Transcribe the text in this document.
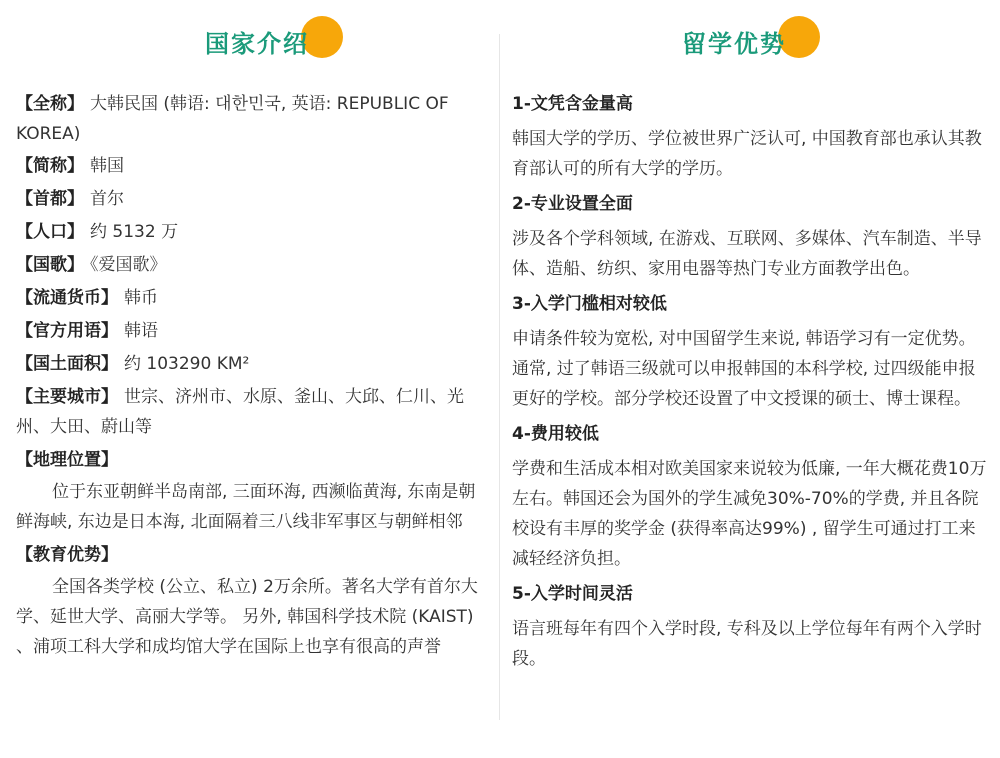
国家介绍	留学优势
【全称】 大韩民国 (韩语: 대한민국, 英语: REPUBLIC OF KOREA)
【简称】 韩国
【首都】 首尔
【人口】 约 5132 万
【国歌】 《爱国歌》
【流通货币】 韩币
【官方用语】 韩语
【国土面积】 约 103290 KM²
【主要城市】 世宗、济州市、水原、釜山、大邱、仁川、光州、大田、蔚山等
【地理位置】
位于东亚朝鲜半岛南部, 三面环海, 西濒临黄海, 东南是朝鲜海峡, 东边是日本海, 北面隔着三八线非军事区与朝鲜相邻
【教育优势】
全国各类学校 (公立、私立) 2万余所。著名大学有首尔大学、延世大学、高丽大学等。 另外, 韩国科学技术院 (KAIST) 、浦项工科大学和成均馆大学在国际上也享有很高的声誉
1-文凭含金量高
韩国大学的学历、学位被世界广泛认可, 中国教育部也承认其教育部认可的所有大学的学历。
2-专业设置全面
涉及各个学科领域, 在游戏、互联网、多媒体、汽车制造、半导体、造船、纺织、家用电器等热门专业方面教学出色。
3-入学门槛相对较低
申请条件较为宽松, 对中国留学生来说, 韩语学习有一定优势。通常, 过了韩语三级就可以申报韩国的本科学校, 过四级能申报更好的学校。部分学校还设置了中文授课的硕士、博士课程。
4-费用较低
学费和生活成本相对欧美国家来说较为低廉, 一年大概花费10万左右。韩国还会为国外的学生减免30%-70%的学费, 并且各院校设有丰厚的奖学金 (获得率高达99%) , 留学生可通过打工来减轻经济负担。
5-入学时间灵活
语言班每年有四个入学时段, 专科及以上学位每年有两个入学时段。
